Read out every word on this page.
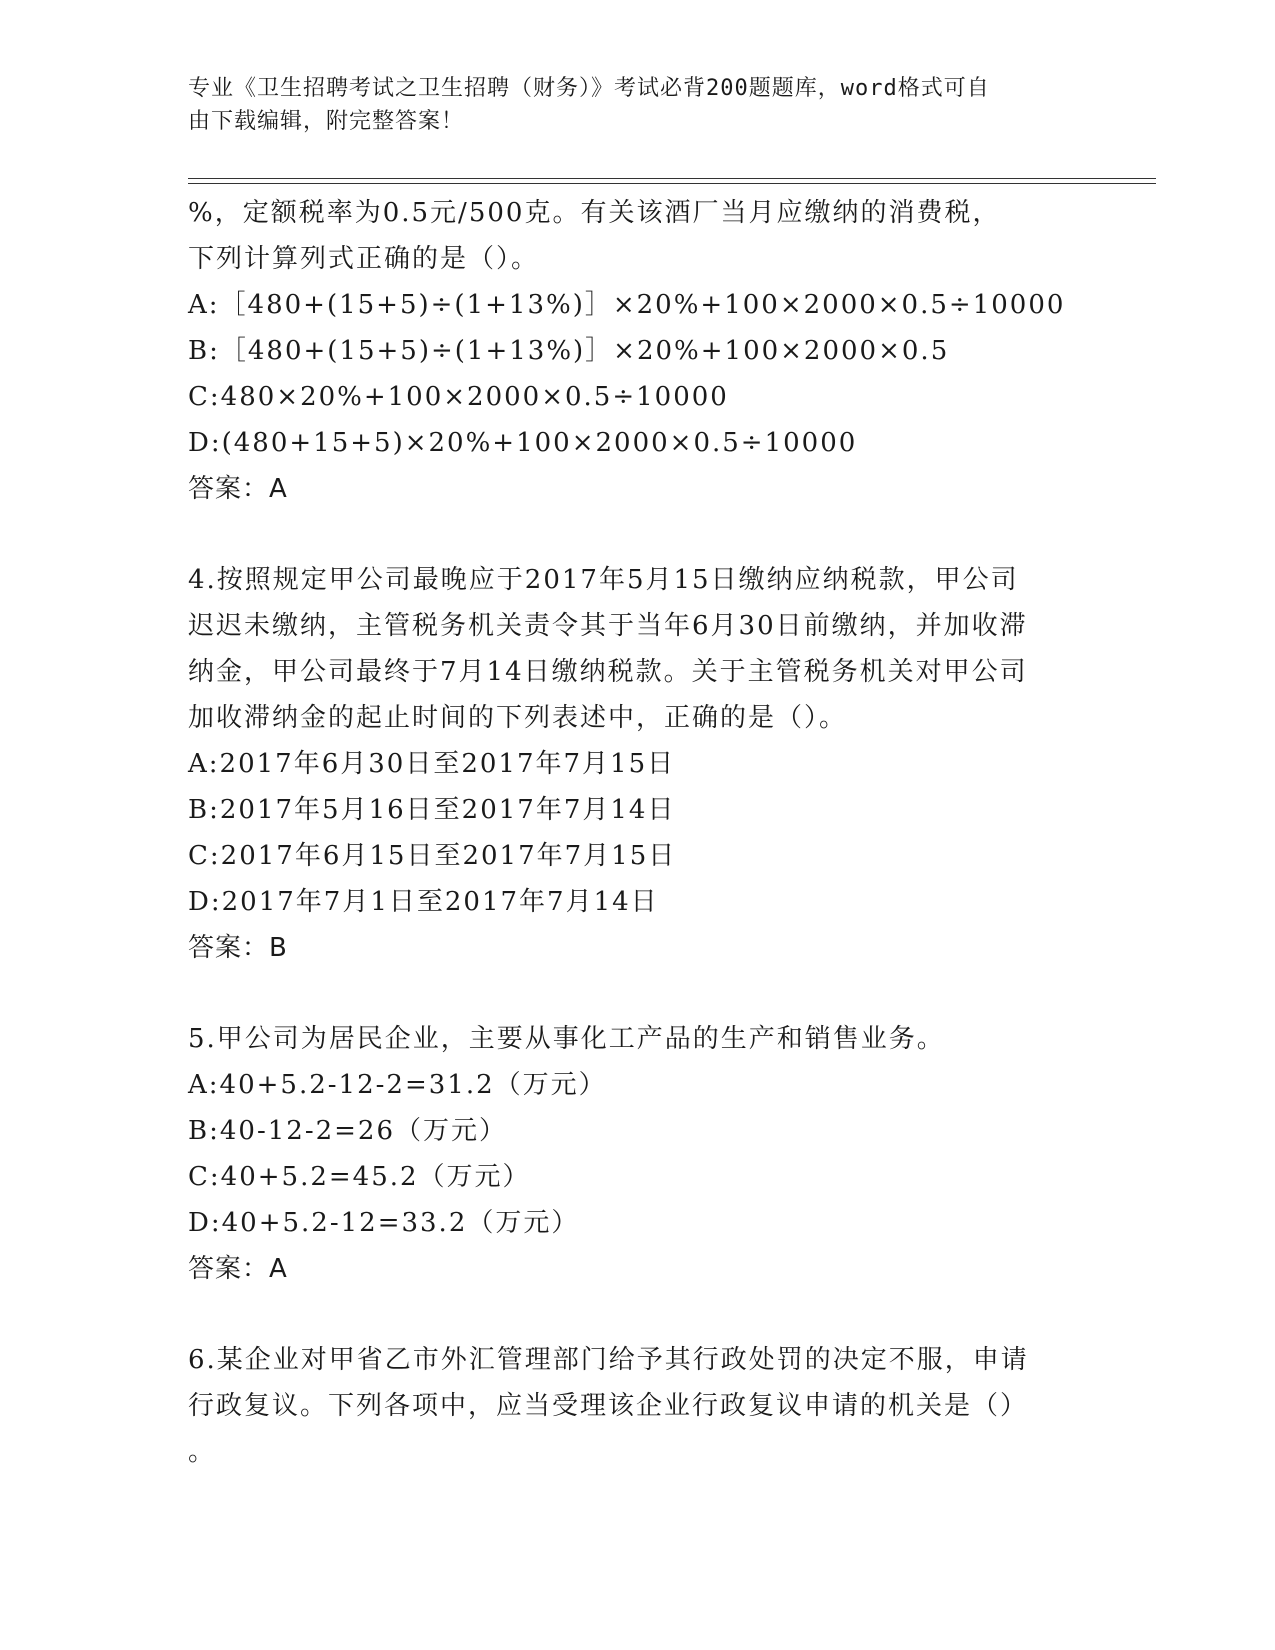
专业《卫生招聘考试之卫生招聘（财务）》考试必背200题题库，word格式可自
由下载编辑，附完整答案！
%，定额税率为0.5元/500克。有关该酒厂当月应缴纳的消费税，
下列计算列式正确的是（）。
A:［480+(15+5)÷(1+13%)］×20%+100×2000×0.5÷10000
B:［480+(15+5)÷(1+13%)］×20%+100×2000×0.5
C:480×20%+100×2000×0.5÷10000
D:(480+15+5)×20%+100×2000×0.5÷10000
答案：A
4.按照规定甲公司最晚应于2017年5月15日缴纳应纳税款，甲公司
迟迟未缴纳，主管税务机关责令其于当年6月30日前缴纳，并加收滞
纳金，甲公司最终于7月14日缴纳税款。关于主管税务机关对甲公司
加收滞纳金的起止时间的下列表述中，正确的是（）。
A:2017年6月30日至2017年7月15日
B:2017年5月16日至2017年7月14日
C:2017年6月15日至2017年7月15日
D:2017年7月1日至2017年7月14日
答案：B
5.甲公司为居民企业，主要从事化工产品的生产和销售业务。
A:40+5.2-12-2=31.2（万元）
B:40-12-2=26（万元）
C:40+5.2=45.2（万元）
D:40+5.2-12=33.2（万元）
答案：A
6.某企业对甲省乙市外汇管理部门给予其行政处罚的决定不服，申请
行政复议。下列各项中，应当受理该企业行政复议申请的机关是（）
。
